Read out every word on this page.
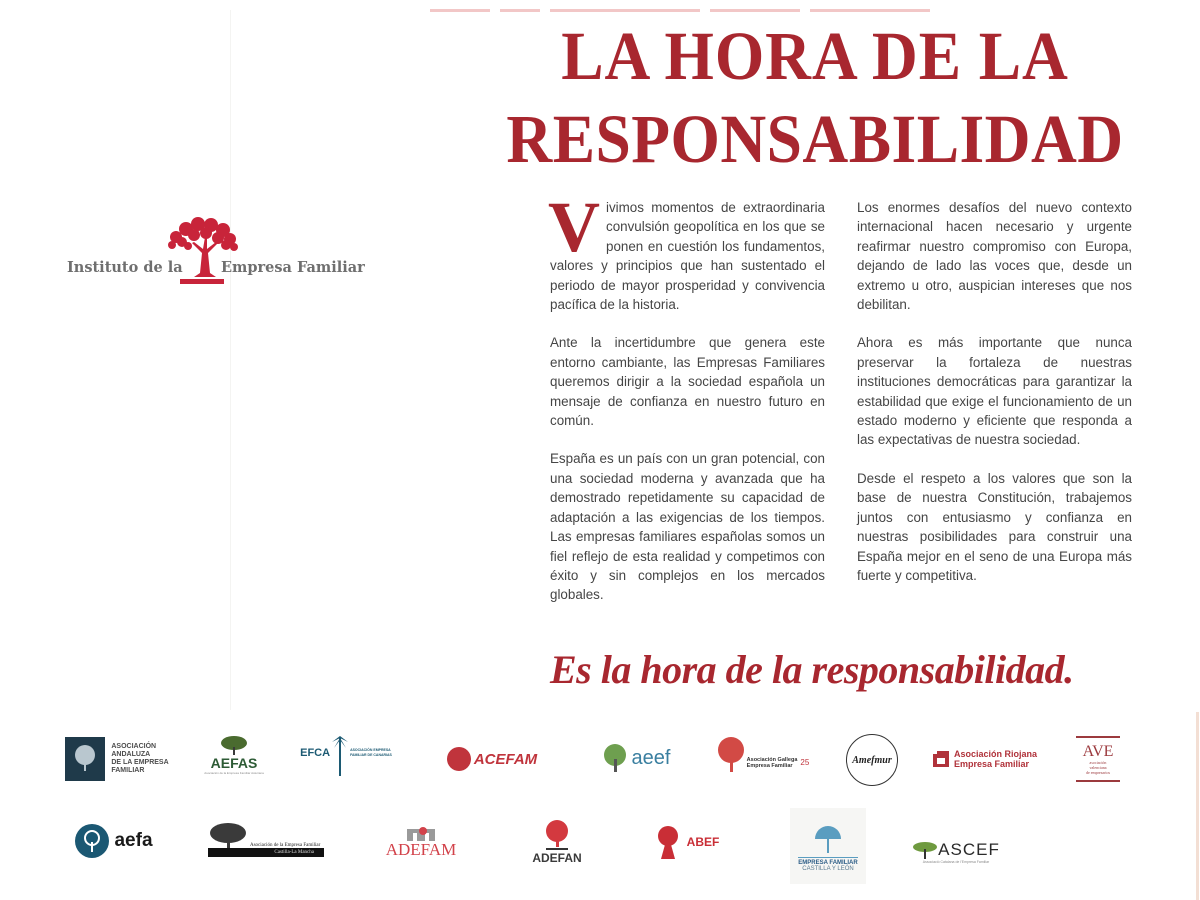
Instituto de la	Empresa Familiar
LA HORA DE LA
RESPONSABILIDAD

Vivimos momentos de extraordinaria convulsión geopolítica en los que se ponen en cuestión los fundamentos, valores y principios que han sustentado el periodo de mayor prosperidad y convivencia pacífica de la historia.

Ante la incertidumbre que genera este entorno cambiante, las Empresas Familiares queremos dirigir a la sociedad española un mensaje de confianza en nuestro futuro en común.

España es un país con un gran potencial, con una sociedad moderna y avanzada que ha demostrado repetidamente su capacidad de adaptación a las exigencias de los tiempos. Las empresas familiares españolas somos un fiel reflejo de esta realidad y competimos con éxito y sin complejos en los mercados globales.

Los enormes desafíos del nuevo contexto internacional hacen necesario y urgente reafirmar nuestro compromiso con Europa, dejando de lado las voces que, desde un extremo u otro, auspician intereses que nos debilitan.

Ahora es más importante que nunca preservar la fortaleza de nuestras instituciones democráticas para garantizar la estabilidad que exige el funcionamiento de un estado moderno y eficiente que responda a las expectativas de nuestra sociedad.

Desde el respeto a los valores que son la base de nuestra Constitución, trabajemos juntos con entusiasmo y confianza en nuestras posibilidades para construir una España mejor en el seno de una Europa más fuerte y competitiva.

Es la hora de la responsabilidad.
ASOCIACIÓN
ANDALUZA
DE LA EMPRESA
FAMILIAR	AEFAS
Asociación de la Empresa Familiar Asturiana
EFCA	ASOCIACIÓN EMPRESA
FAMILIAR DE CANARIAS	ACEFAM	aeef	Asociación Gallega
Empresa Familiar 25	Amefmur
Asociación Riojana
Empresa Familiar
AVE
asociación
valenciana
de empresarios
aefa	Asociación de la Empresa Familiar
Castilla-La Mancha	ADEFAM	ADEFAN
ABEF
EMPRESA FAMILIAR
CASTILLA Y LEÓN
ASCEF
Associació Catalana de l'Empresa Familiar
